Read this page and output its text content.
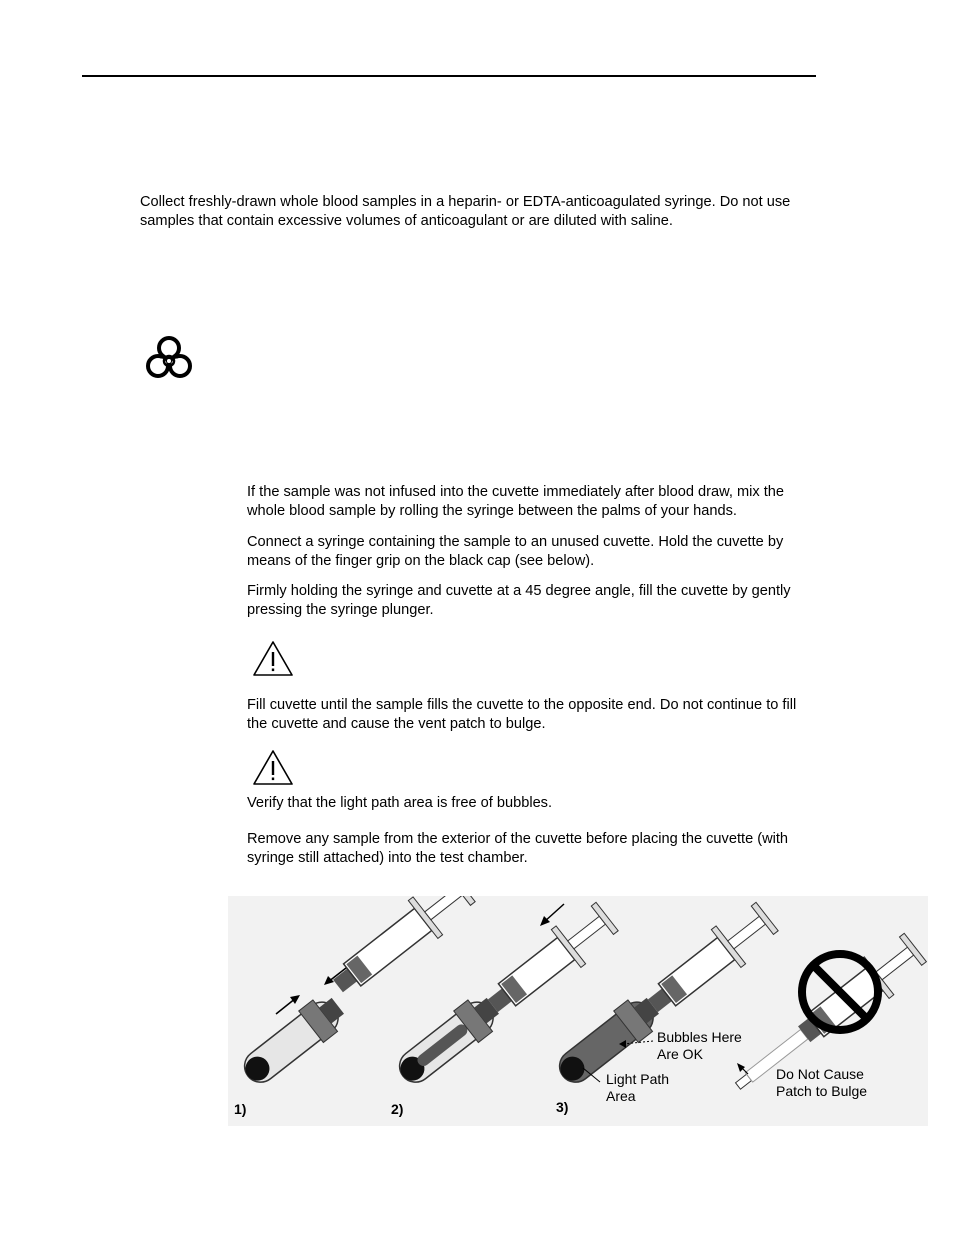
Collect freshly-drawn whole blood samples in a heparin- or EDTA-anticoagulated syringe. Do not use samples that contain excessive volumes of anticoagulant or are diluted with saline.

If the sample was not infused into the cuvette immediately after blood draw, mix the whole blood sample by rolling the syringe between the palms of your hands.

Connect a syringe containing the sample to an unused cuvette. Hold the cuvette by means of the finger grip on the black cap (see below).

Firmly holding the syringe and cuvette at a 45 degree angle, fill the cuvette by gently pressing the syringe plunger.

Fill cuvette until the sample fills the cuvette to the opposite end. Do not continue to fill the cuvette and cause the vent patch to bulge.

Verify that the light path area is free of bubbles.

Remove any sample from the exterior of the cuvette before placing the cuvette (with syringe still attached) into the test chamber.

Bubbles Here
Are OK
Light Path
Area
Do Not Cause
Patch to Bulge
1)	2)	3)
